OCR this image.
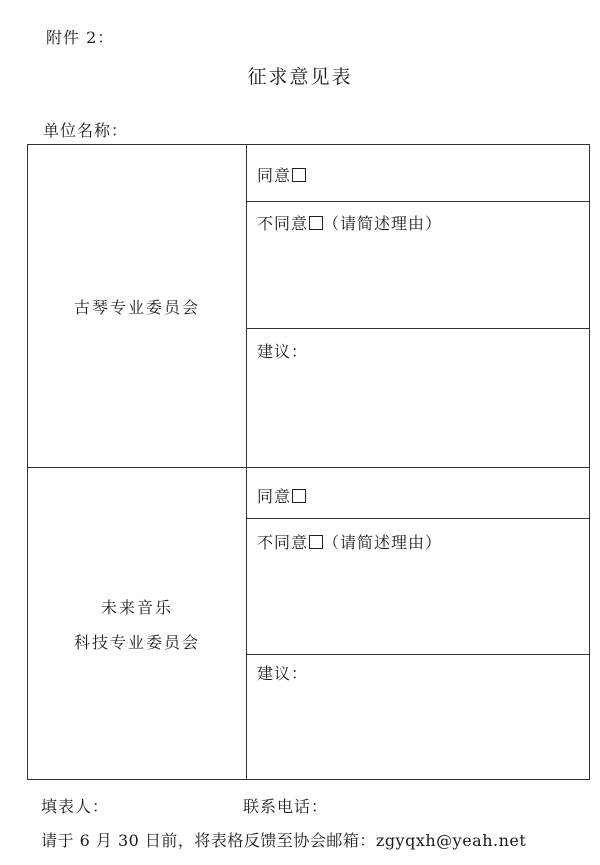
附件 2：
征求意见表
单位名称：
古琴专业委员会
同意
不同意 （请简述理由）
建议：
未来音乐
科技专业委员会
同意
不同意 （请简述理由）
建议：
填表人：	联系电话：
请于 6 月 30 日前，将表格反馈至协会邮箱：zgyqxh@yeah.net
